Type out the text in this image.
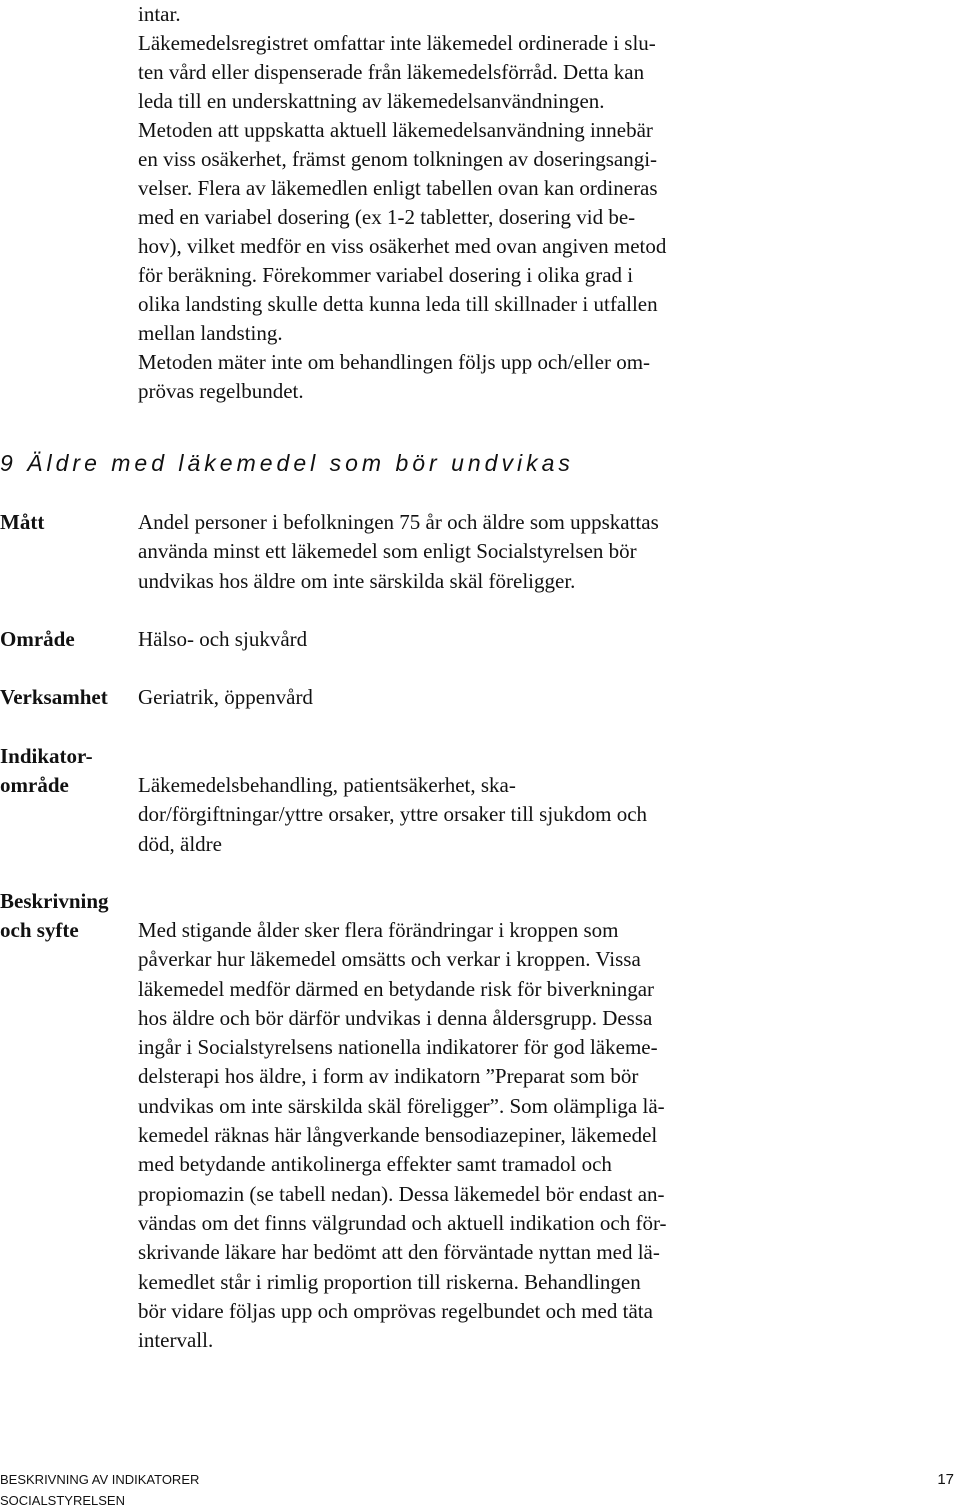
intar.
Läkemedelsregistret omfattar inte läkemedel ordinerade i slu-
ten vård eller dispenserade från läkemedelsförråd. Detta kan
leda till en underskattning av läkemedelsanvändningen.
Metoden att uppskatta aktuell läkemedelsanvändning innebär
en viss osäkerhet, främst genom tolkningen av doseringsangi-
velser. Flera av läkemedlen enligt tabellen ovan kan ordineras
med en variabel dosering (ex 1-2 tabletter, dosering vid be-
hov), vilket medför en viss osäkerhet med ovan angiven metod
för beräkning. Förekommer variabel dosering i olika grad i
olika landsting skulle detta kunna leda till skillnader i utfallen
mellan landsting.
Metoden mäter inte om behandlingen följs upp och/eller om-
prövas regelbundet.
9 Äldre med läkemedel som bör undvikas
Mått	Andel personer i befolkningen 75 år och äldre som uppskattas
använda minst ett läkemedel som enligt Socialstyrelsen bör
undvikas hos äldre om inte särskilda skäl föreligger.
Område	Hälso- och sjukvård
Verksamhet Geriatrik, öppenvård
Indikator-
område	Läkemedelsbehandling, patientsäkerhet, ska-
dor/förgiftningar/yttre orsaker, yttre orsaker till sjukdom och
död, äldre
Beskrivning
och syfte	Med stigande ålder sker flera förändringar i kroppen som
påverkar hur läkemedel omsätts och verkar i kroppen. Vissa
läkemedel medför därmed en betydande risk för biverkningar
hos äldre och bör därför undvikas i denna åldersgrupp. Dessa
ingår i Socialstyrelsens nationella indikatorer för god läkeme-
delsterapi hos äldre, i form av indikatorn ”Preparat som bör
undvikas om inte särskilda skäl föreligger”. Som olämpliga lä-
kemedel räknas här långverkande bensodiazepiner, läkemedel
med betydande antikolinerga effekter samt tramadol och
propiomazin (se tabell nedan). Dessa läkemedel bör endast an-
vändas om det finns välgrundad och aktuell indikation och för-
skrivande läkare har bedömt att den förväntade nyttan med lä-
kemedlet står i rimlig proportion till riskerna. Behandlingen
bör vidare följas upp och omprövas regelbundet och med täta
intervall.
BESKRIVNING AV INDIKATORER
SOCIALSTYRELSEN
17
